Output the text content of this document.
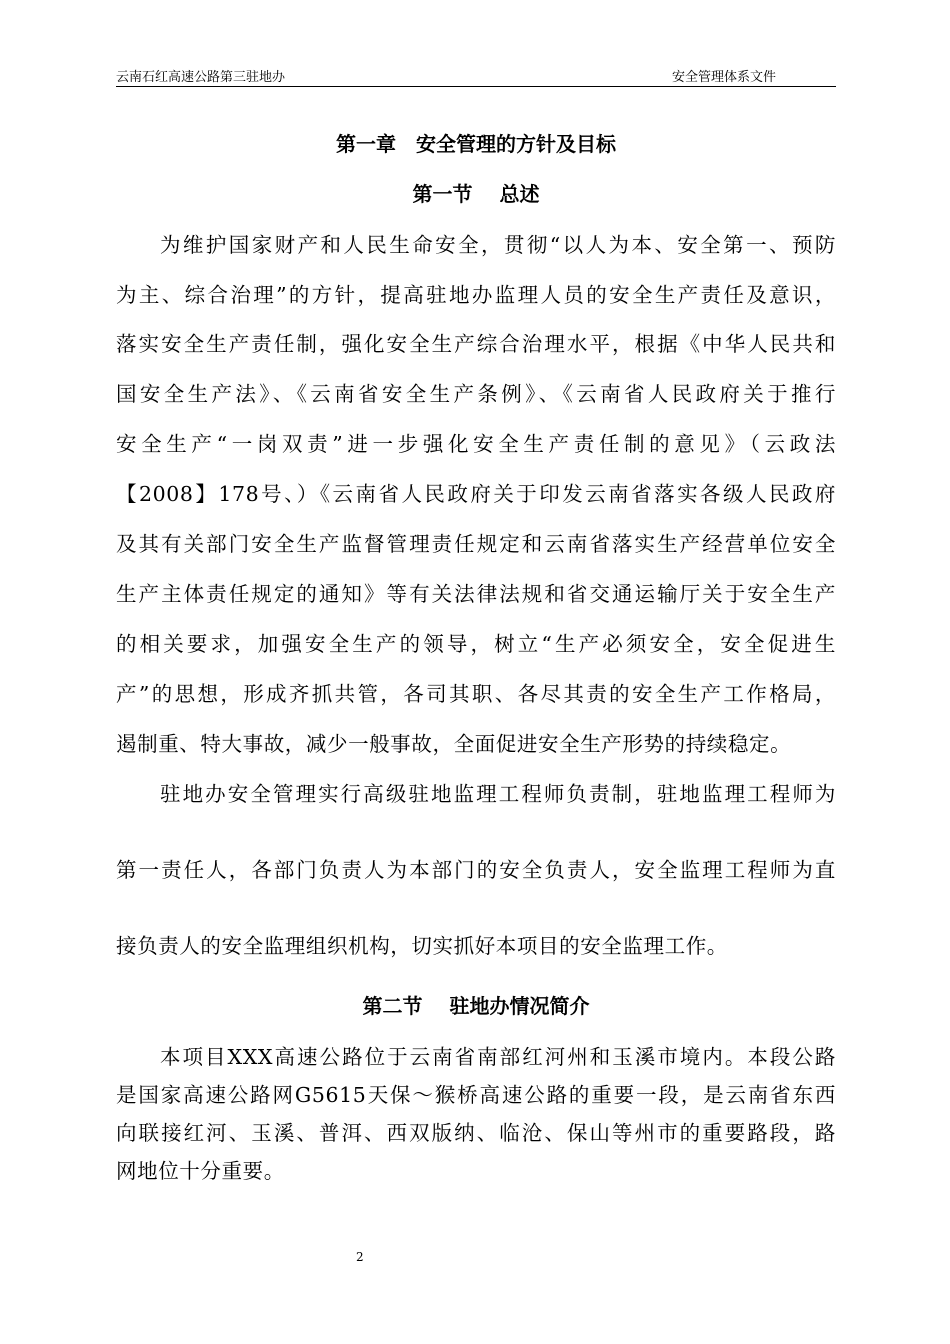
云南石红高速公路第三驻地办	安全管理体系文件
第一章　安全管理的方针及目标
第一节　 总述
为维护国家财产和人民生命安全，贯彻“以人为本、安全第一、预防
为主、综合治理”的方针，提高驻地办监理人员的安全生产责任及意识，
落实安全生产责任制，强化安全生产综合治理水平，根据《中华人民共和
国安全生产法》、《云南省安全生产条例》、《云南省人民政府关于推行
安全生产“一岗双责”进一步强化安全生产责任制的意见》（云政法
【2008】178号、）《云南省人民政府关于印发云南省落实各级人民政府
及其有关部门安全生产监督管理责任规定和云南省落实生产经营单位安全
生产主体责任规定的通知》等有关法律法规和省交通运输厅关于安全生产
的相关要求，加强安全生产的领导，树立“生产必须安全，安全促进生
产”的思想，形成齐抓共管，各司其职、各尽其责的安全生产工作格局，
遏制重、特大事故，减少一般事故，全面促进安全生产形势的持续稳定。
驻地办安全管理实行高级驻地监理工程师负责制，驻地监理工程师为
第一责任人，各部门负责人为本部门的安全负责人，安全监理工程师为直
接负责人的安全监理组织机构，切实抓好本项目的安全监理工作。
第二节　 驻地办情况简介
本项目XXX高速公路位于云南省南部红河州和玉溪市境内。本段公路
是国家高速公路网G5615天保～猴桥高速公路的重要一段，是云南省东西
向联接红河、玉溪、普洱、西双版纳、临沧、保山等州市的重要路段，路
网地位十分重要。
2
